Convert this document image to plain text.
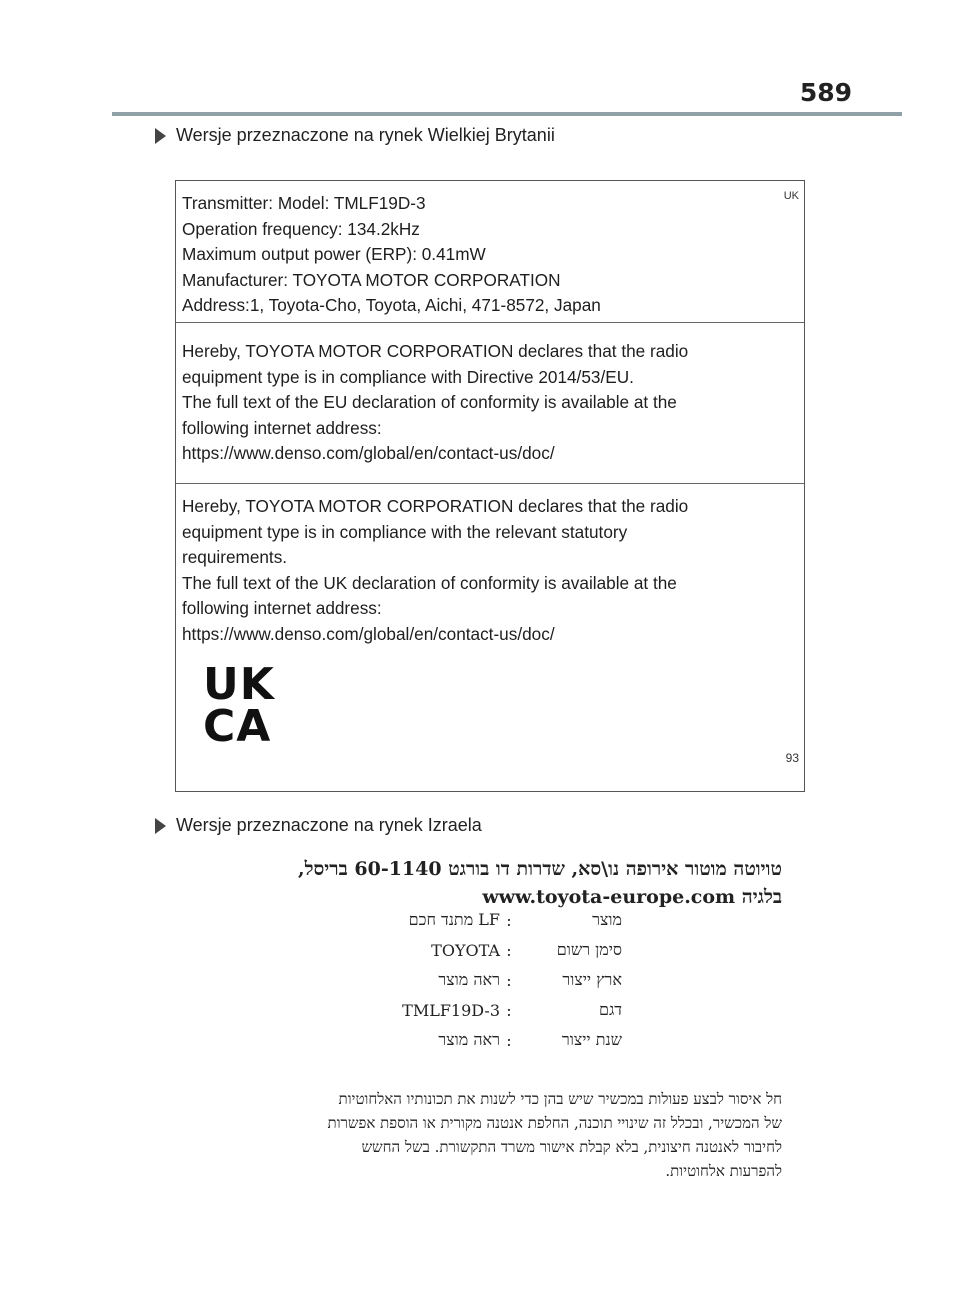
589
Wersje przeznaczone na rynek Wielkiej Brytanii
UK
Transmitter: Model: TMLF19D-3
Operation frequency: 134.2kHz
Maximum output power (ERP): 0.41mW
Manufacturer: TOYOTA MOTOR CORPORATION
Address:1, Toyota-Cho, Toyota, Aichi, 471-8572, Japan
Hereby, TOYOTA MOTOR CORPORATION declares that the radio
equipment type is in compliance with Directive 2014/53/EU.
The full text of the EU declaration of conformity is available at the
following internet address:
https://www.denso.com/global/en/contact-us/doc/
Hereby, TOYOTA MOTOR CORPORATION declares that the radio
equipment type is in compliance with the relevant statutory
requirements.
The full text of the UK declaration of conformity is available at the
following internet address:
https://www.denso.com/global/en/contact-us/doc/
UK
CA
93
Wersje przeznaczone na rynek Izraela
טויוטה מוטור אירופה נו\סא, שדרות דו בורגט 60-1140 בריסל,
בלגיה www.toyota-europe.com
LF מתנד חכם :	מוצר
TOYOTA :	סימן רשום
ראה מוצר :	ארץ ייצור
TMLF19D-3 :	דגם
ראה מוצר :	שנת ייצור
חל איסור לבצע פעולות במכשיר שיש בהן כדי לשנות את תכונותיו האלחוטיות
של המכשיר, ובכלל זה שינויי תוכנה, החלפת אנטנה מקורית או הוספת אפשרות
לחיבור לאנטנה חיצונית, בלא קבלת אישור משרד התקשורת. בשל החשש
להפרעות אלחוטיות.
